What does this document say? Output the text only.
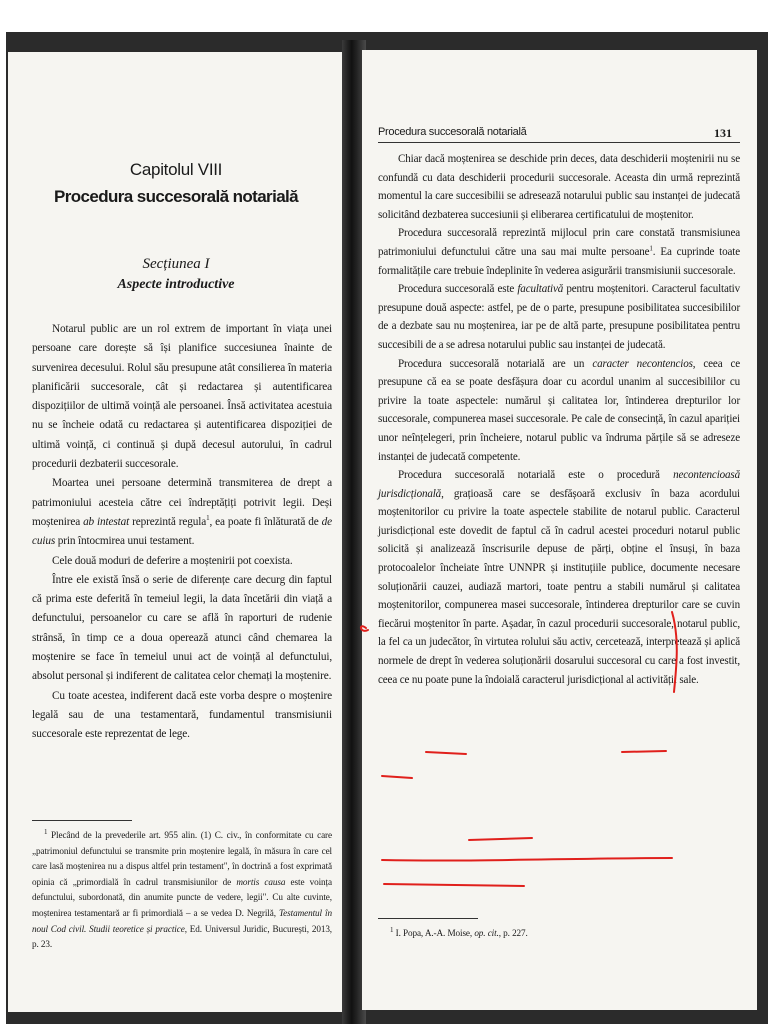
Capitolul VIII
Procedura succesorală notarială
Secțiunea I
Aspecte introductive

Notarul public are un rol extrem de important în viața unei persoane care dorește să își planifice succesiunea înainte de survenirea decesului. Rolul său presupune atât consilierea în materia planificării succesorale, cât și redactarea și autentificarea dispozițiilor de ultimă voință ale persoanei. Însă activitatea acestuia nu se încheie odată cu redactarea și autentificarea dispoziției de ultimă voință, ci continuă și după decesul autorului, în cadrul procedurii dezbaterii succesorale.

Moartea unei persoane determină transmiterea de drept a patrimoniului acesteia către cei îndreptățiți potrivit legii. Deși moștenirea ab intestat reprezintă regula$^1$, ea poate fi înlăturată de de cuius prin întocmirea unui testament.

Cele două moduri de deferire a moștenirii pot coexista.

Între ele există însă o serie de diferențe care decurg din faptul că prima este deferită în temeiul legii, la data încetării din viață a defunctului, persoanelor cu care se află în raporturi de rudenie strânsă, în timp ce a doua operează atunci când chemarea la moștenire se face în temeiul unui act de voință al defunctului, absolut personal și indiferent de calitatea celor chemați la moștenire.

Cu toate acestea, indiferent dacă este vorba despre o moștenire legală sau de una testamentară, fundamentul transmisiunii succesorale este reprezentat de lege.

$^1$ Plecând de la prevederile art. 955 alin. (1) C. civ., în conformitate cu care „patrimoniul defunctului se transmite prin moștenire legală, în măsura în care cel care lasă moștenirea nu a dispus altfel prin testament", în doctrină a fost exprimată opinia că „primordială în cadrul transmisiunilor de mortis causa este voința defunctului, subordonată, din anumite puncte de vedere, legii". Cu alte cuvinte, moștenirea testamentară ar fi primordială – a se vedea D. Negrilă, Testamentul în noul Cod civil. Studii teoretice și practice, Ed. Universul Juridic, București, 2013, p. 23.

Procedura succesorală notarială	131

Chiar dacă moștenirea se deschide prin deces, data deschiderii moștenirii nu se confundă cu data deschiderii procedurii succesorale. Aceasta din urmă reprezintă momentul la care succesibilii se adresează notarului public sau instanței de judecată solicitând dezbaterea succesiunii și eliberarea certificatului de moștenitor.

Procedura succesorală reprezintă mijlocul prin care constată transmisiunea patrimoniului defunctului către una sau mai multe persoane$^1$. Ea cuprinde toate formalitățile care trebuie îndeplinite în vederea asigurării transmisiunii succesorale.

Procedura succesorală este facultativă pentru moștenitori. Caracterul facultativ presupune două aspecte: astfel, pe de o parte, presupune posibilitatea succesibililor de a dezbate sau nu moștenirea, iar pe de altă parte, presupune posibilitatea pentru succesibili de a se adresa notarului public sau instanței de judecată.

Procedura succesorală notarială are un caracter necontencios, ceea ce presupune că ea se poate desfășura doar cu acordul unanim al succesibililor cu privire la toate aspectele: numărul și calitatea lor, întinderea drepturilor lor succesorale, compunerea masei succesorale. Pe cale de consecință, în cazul apariției unor neînțelegeri, prin încheiere, notarul public va îndruma părțile să se adreseze instanței de judecată competente.

Procedura succesorală notarială este o procedură necontencioasă jurisdicțională, grațioasă care se desfășoară exclusiv în baza acordului moștenitorilor cu privire la toate aspectele stabilite de notarul public. Caracterul jurisdicțional este dovedit de faptul că în cadrul acestei proceduri notarul public solicită și analizează înscrisurile depuse de părți, obține el însuși, în baza protocoalelor încheiate între UNNPR și instituțiile publice, documente necesare soluționării cauzei, audiază martori, toate pentru a stabili numărul și calitatea moștenitorilor, compunerea masei succesorale, întinderea drepturilor care se cuvin fiecărui moștenitor în parte. Așadar, în cazul procedurii succesorale, notarul public, la fel ca un judecător, în virtutea rolului său activ, cercetează, interpretează și aplică normele de drept în vederea soluționării dosarului succesoral cu care a fost investit, ceea ce nu poate pune la îndoială caracterul jurisdicțional al activității sale.

$^1$ I. Popa, A.-A. Moise, op. cit., p. 227.
